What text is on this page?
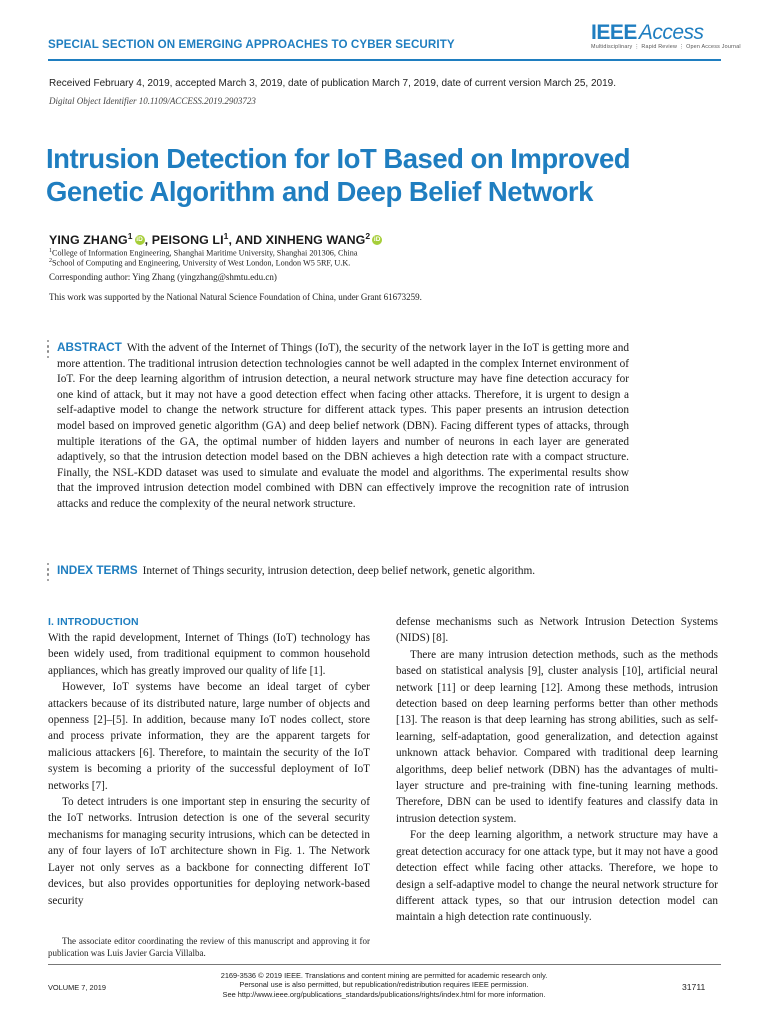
SPECIAL SECTION ON EMERGING APPROACHES TO CYBER SECURITY
IEEEAccess
Multidisciplinary ⋮ Rapid Review ⋮ Open Access Journal
Received February 4, 2019, accepted March 3, 2019, date of publication March 7, 2019, date of current version March 25, 2019.
Digital Object Identifier 10.1109/ACCESS.2019.2903723
Intrusion Detection for IoT Based on Improved
Genetic Algorithm and Deep Belief Network
YING ZHANG$^1$ iD , PEISONG $LI^1$, AND XINHENG WANG$^2$ iD
$^1$College of Information Engineering, Shanghai Maritime University, Shanghai 201306, China
$^2$School of Computing and Engineering, University of West London, London W5 5RF, U.K.
Corresponding author: Ying Zhang (yingzhang@shmtu.edu.cn)
This work was supported by the National Natural Science Foundation of China, under Grant 61673259.
ABSTRACT With the advent of the Internet of Things (IoT), the security of the network layer in the IoT is getting more and more attention. The traditional intrusion detection technologies cannot be well adapted in the complex Internet environment of IoT. For the deep learning algorithm of intrusion detection, a neural network structure may have fine detection accuracy for one kind of attack, but it may not have a good detection effect when facing other attacks. Therefore, it is urgent to design a self-adaptive model to change the network structure for different attack types. This paper presents an intrusion detection model based on improved genetic algorithm (GA) and deep belief network (DBN). Facing different types of attacks, through multiple iterations of the GA, the optimal number of hidden layers and number of neurons in each layer are generated adaptively, so that the intrusion detection model based on the DBN achieves a high detection rate with a compact structure. Finally, the NSL-KDD dataset was used to simulate and evaluate the model and algorithms. The experimental results show that the improved intrusion detection model combined with DBN can effectively improve the recognition rate of intrusion attacks and reduce the complexity of the neural network structure.
INDEX TERMS Internet of Things security, intrusion detection, deep belief network, genetic algorithm.
I. INTRODUCTION

With the rapid development, Internet of Things (IoT) technology has been widely used, from traditional equipment to common household appliances, which has greatly improved our quality of life [1].

However, IoT systems have become an ideal target of cyber attackers because of its distributed nature, large number of objects and openness [2]–[5]. In addition, because many IoT nodes collect, store and process private information, they are the apparent targets for malicious attackers [6]. Therefore, to maintain the security of the IoT system is becoming a priority of the successful deployment of IoT networks [7].

To detect intruders is one important step in ensuring the security of the IoT networks. Intrusion detection is one of the several security mechanisms for managing security intrusions, which can be detected in any of four layers of IoT architecture shown in Fig. 1. The Network Layer not only serves as a backbone for connecting different IoT devices, but also provides opportunities for deploying network-based security

The associate editor coordinating the review of this manuscript and approving it for publication was Luis Javier Garcia Villalba.

defense mechanisms such as Network Intrusion Detection Systems (NIDS) [8].

There are many intrusion detection methods, such as the methods based on statistical analysis [9], cluster analysis [10], artificial neural network [11] or deep learning [12]. Among these methods, intrusion detection based on deep learning performs better than other methods [13]. The reason is that deep learning has strong abilities, such as self-learning, self-adaptation, good generalization, and detection against unknown attack behavior. Compared with traditional deep learning algorithms, deep belief network (DBN) has the advantages of multi-layer structure and pre-training with fine-tuning learning methods. Therefore, DBN can be used to identify features and classify data in intrusion detection system.

For the deep learning algorithm, a network structure may have a great detection accuracy for one attack type, but it may not have a good detection effect while facing other attacks. Therefore, we hope to design a self-adaptive model to change the neural network structure for different attack types, so that our intrusion detection model can maintain a high detection rate continuously.

VOLUME 7, 2019
2169-3536 © 2019 IEEE. Translations and content mining are permitted for academic research only.
Personal use is also permitted, but republication/redistribution requires IEEE permission.
See http://www.ieee.org/publications_standards/publications/rights/index.html for more information.
31711
